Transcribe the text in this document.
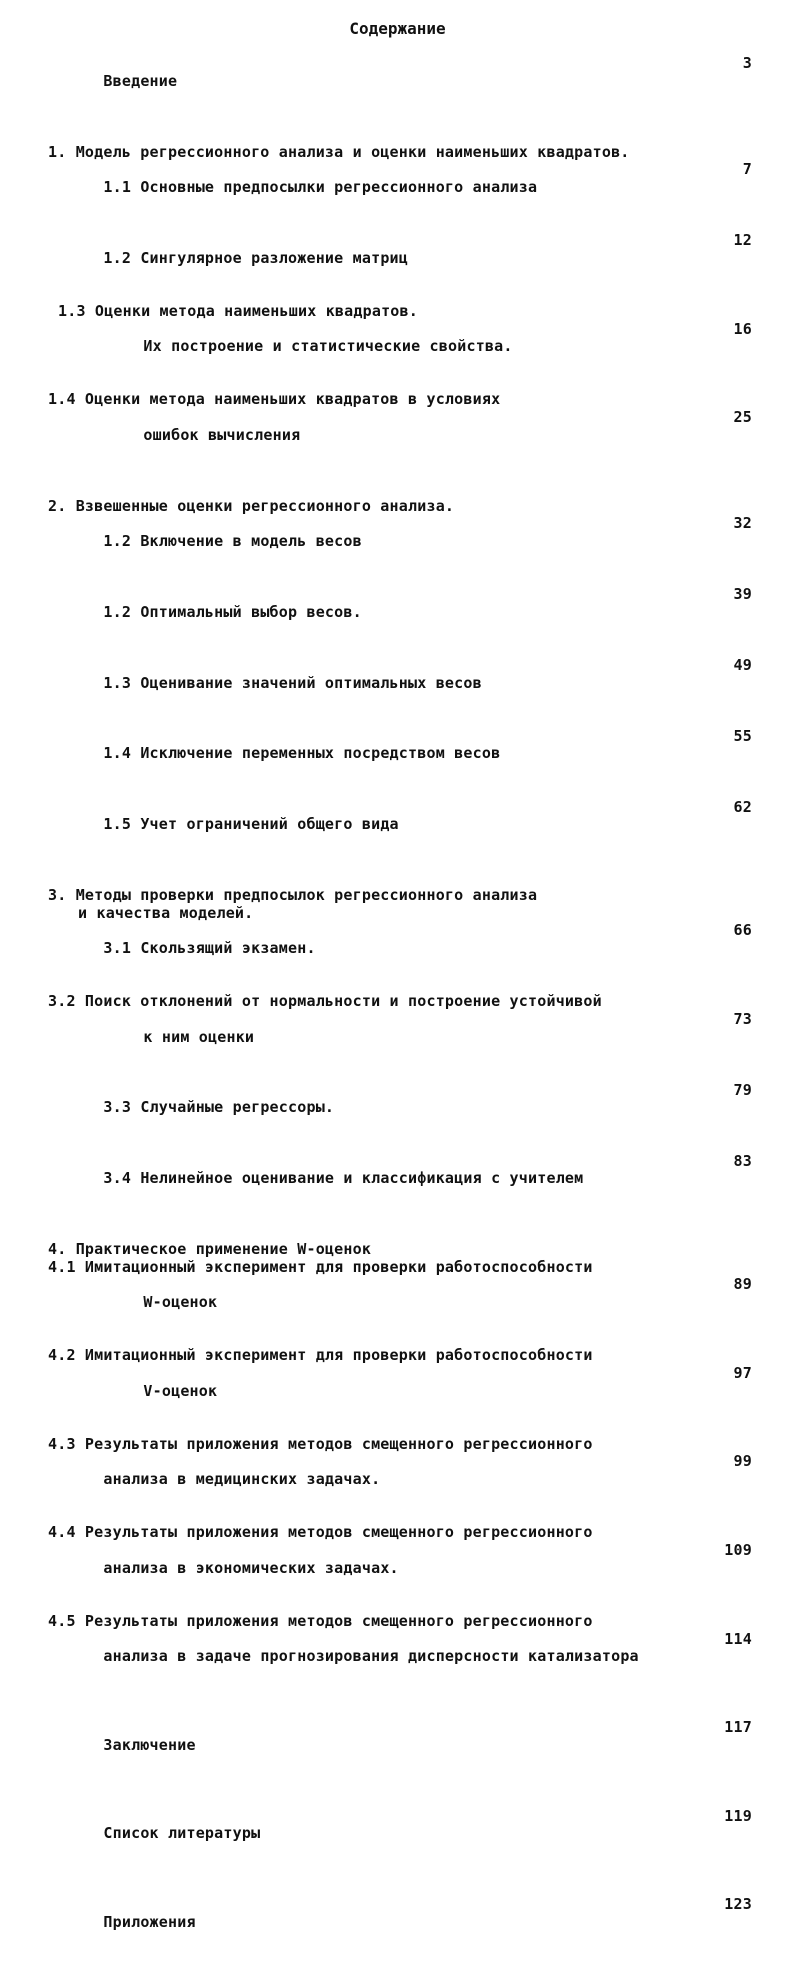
Содержание

Введение

3

1. Модель регрессионного анализа и оценки наименьших квадратов.

1.1 Основные предпосылки регрессионного анализа

7

1.2 Сингулярное разложение матриц

12

1.3 Оценки метода наименьших квадратов.

Их построение и статистические свойства.

16

1.4 Оценки метода наименьших квадратов в условиях

ошибок вычисления

25

2. Взвешенные оценки регрессионного анализа.

1.2 Включение в модель весов

32

1.2 Оптимальный выбор весов.

39

1.3 Оценивание значений оптимальных весов

49

1.4 Исключение переменных посредством весов

55

1.5 Учет ограничений общего вида

62

3. Методы проверки предпосылок регрессионного анализа
и качества моделей.

3.1 Скользящий экзамен.

66

3.2 Поиск отклонений от нормальности и построение устойчивой

к ним оценки

73

3.3 Случайные регрессоры.

79

3.4 Нелинейное оценивание и классификация с учителем

83

4. Практическое применение W-оценок
4.1 Имитационный эксперимент для проверки работоспособности

W-оценок

89

4.2 Имитационный эксперимент для проверки работоспособности

V-оценок

97

4.3 Результаты приложения методов смещенного регрессионного

анализа в медицинских задачах.

99

4.4 Результаты приложения методов смещенного регрессионного

анализа в экономических задачах.

109

4.5 Результаты приложения методов смещенного регрессионного

анализа в задаче прогнозирования дисперсности катализатора

114

Заключение

117

Список литературы

119

Приложения

123
